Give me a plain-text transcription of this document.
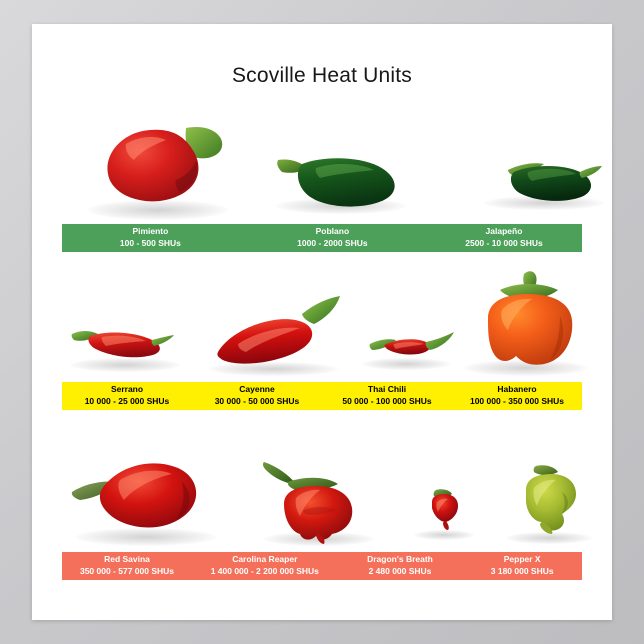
Scoville Heat Units
Pimiento
100 - 500 SHUs
Poblano
1000 - 2000 SHUs
Jalapeño
2500 - 10 000 SHUs
Serrano
10 000 - 25 000 SHUs
Cayenne
30 000 - 50 000 SHUs
Thai Chili
50 000 - 100 000 SHUs
Habanero
100 000 - 350 000 SHUs
Red Savina
350 000 - 577 000 SHUs
Carolina Reaper
1 400 000 - 2 200 000 SHUs
Dragon's Breath
2 480 000 SHUs
Pepper X
3 180 000 SHUs
